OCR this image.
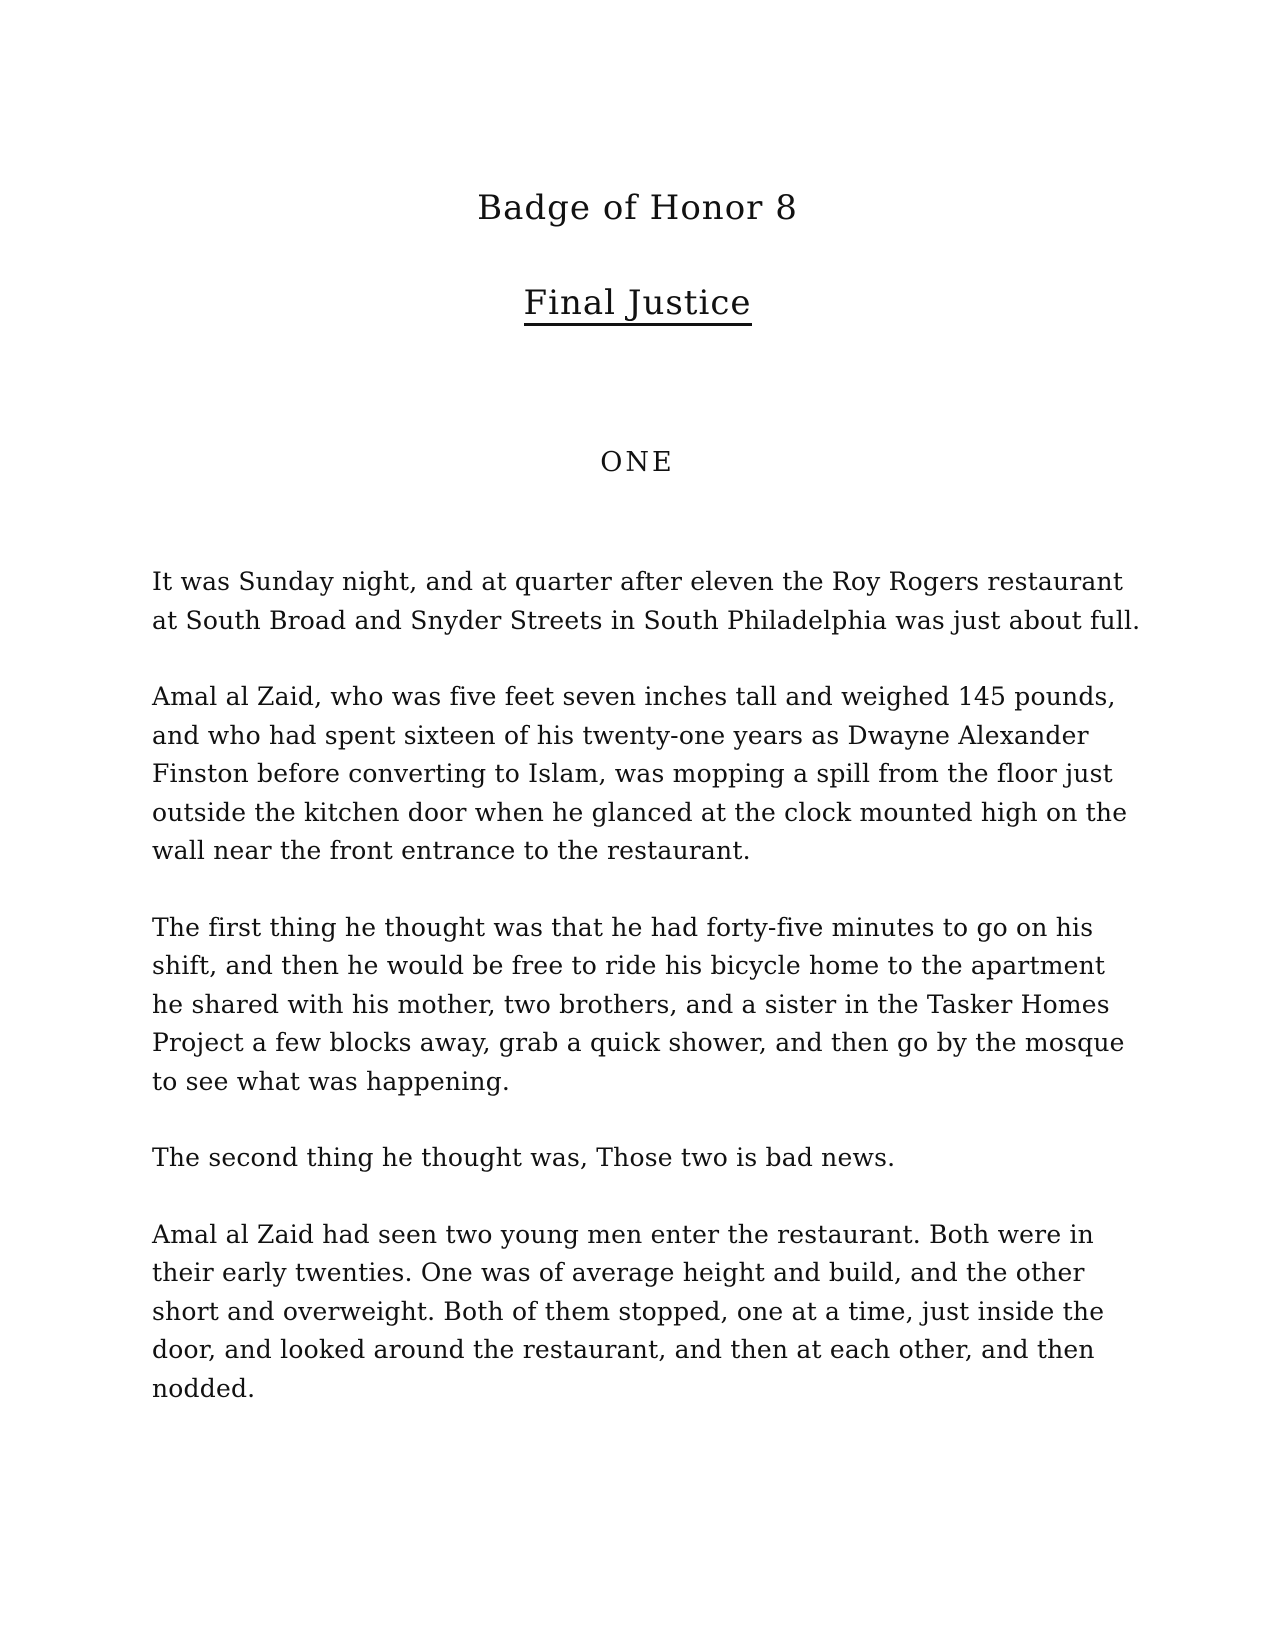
Badge of Honor 8
Final Justice
ONE

It was Sunday night, and at quarter after eleven the Roy Rogers restaurant at South Broad and Snyder Streets in South Philadelphia was just about full.

Amal al Zaid, who was five feet seven inches tall and weighed 145 pounds, and who had spent sixteen of his twenty-one years as Dwayne Alexander Finston before converting to Islam, was mopping a spill from the floor just outside the kitchen door when he glanced at the clock mounted high on the wall near the front entrance to the restaurant.

The first thing he thought was that he had forty-five minutes to go on his shift, and then he would be free to ride his bicycle home to the apartment he shared with his mother, two brothers, and a sister in the Tasker Homes Project a few blocks away, grab a quick shower, and then go by the mosque to see what was happening.

The second thing he thought was, Those two is bad news.

Amal al Zaid had seen two young men enter the restaurant. Both were in their early twenties. One was of average height and build, and the other short and overweight. Both of them stopped, one at a time, just inside the door, and looked around the restaurant, and then at each other, and then nodded.
